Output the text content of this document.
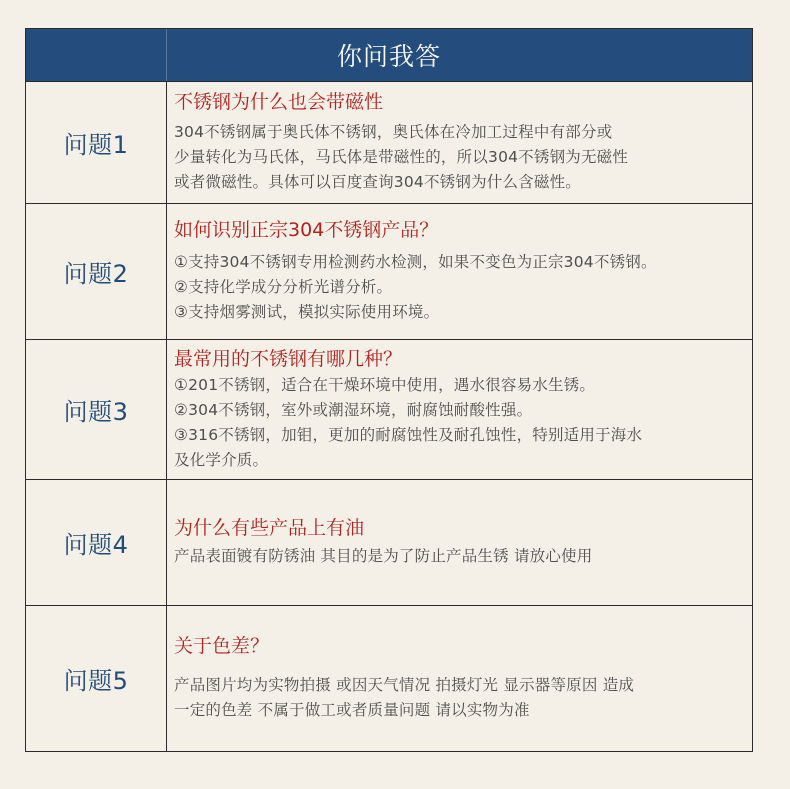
你问我答
问题1
不锈钢为什么也会带磁性
304不锈钢属于奥氏体不锈钢，奥氏体在冷加工过程中有部分或
少量转化为马氏体，马氏体是带磁性的，所以304不锈钢为无磁性
或者微磁性。具体可以百度查询304不锈钢为什么含磁性。
问题2
如何识别正宗304不锈钢产品？
①支持304不锈钢专用检测药水检测，如果不变色为正宗304不锈钢。
②支持化学成分分析光谱分析。
③支持烟雾测试，模拟实际使用环境。
问题3
最常用的不锈钢有哪几种？
①201不锈钢，适合在干燥环境中使用，遇水很容易水生锈。
②304不锈钢，室外或潮湿环境，耐腐蚀耐酸性强。
③316不锈钢，加钼，更加的耐腐蚀性及耐孔蚀性，特别适用于海水
及化学介质。
问题4
为什么有些产品上有油
产品表面镀有防锈油 其目的是为了防止产品生锈 请放心使用
问题5
关于色差？
产品图片均为实物拍摄 或因天气情况 拍摄灯光 显示器等原因 造成
一定的色差 不属于做工或者质量问题 请以实物为准
